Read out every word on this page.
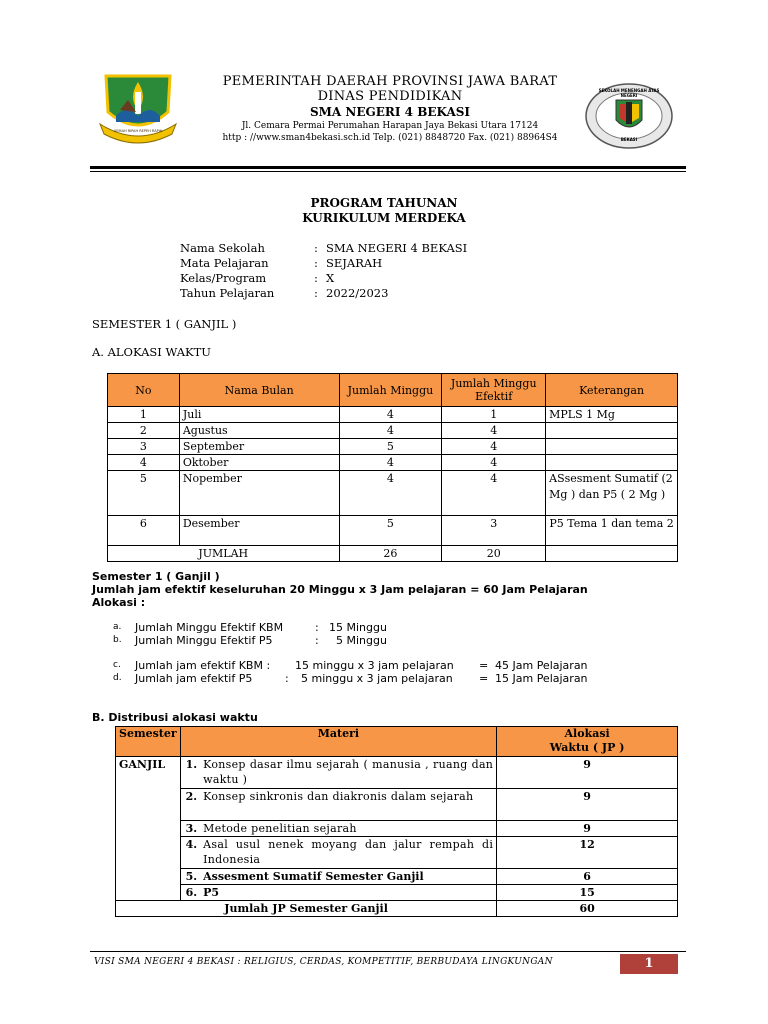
GEMAH RIPAH REPEH RAPIH
SEKOLAH MENENGAH ATAS NEGERI
BEKASI
PEMERINTAH DAERAH PROVINSI JAWA BARAT
DINAS PENDIDIKAN
SMA NEGERI 4 BEKASI
Jl. Cemara Permai Perumahan Harapan Jaya Bekasi Utara 17124
http : //www.sman4bekasi.sch.id Telp. (021) 8848720 Fax. (021) 88964S4
PROGRAM TAHUNAN
KURIKULUM MERDEKA
Nama Sekolah	: SMA NEGERI 4 BEKASI
Mata Pelajaran	: SEJARAH
Kelas/Program	: X
Tahun Pelajaran	: 2022/2023
SEMESTER 1 ( GANJIL )
A. ALOKASI WAKTU
No	Nama Bulan	Jumlah Minggu	Jumlah Minggu Efektif	Keterangan
1	Juli	4	1	MPLS 1 Mg
2	Agustus	4	4	
3	September	5	4	
4	Oktober	4	4	
5	Nopember	4	4	ASsesment Sumatif (2 Mg ) dan P5 ( 2 Mg )
6	Desember	5	3	P5 Tema 1 dan tema 2
JUMLAH		26	20	
Semester 1 ( Ganjil )
Jumlah jam efektif keseluruhan 20 Minggu x 3 Jam pelajaran = 60 Jam Pelajaran
Alokasi :
a.	Jumlah Minggu Efektif KBM	: 15 Minggu
b.	Jumlah Minggu Efektif P5	: 5 Minggu
c.	Jumlah jam efektif KBM :	15 minggu x 3 jam pelajaran	= 45 Jam Pelajaran
d.	Jumlah jam efektif P5	:	5 minggu x 3 jam pelajaran	= 15 Jam Pelajaran
B. Distribusi alokasi waktu
Semester	Materi		Alokasi Waktu ( JP )
GANJIL	1.	Konsep dasar ilmu sejarah ( manusia , ruang dan waktu )	9
	2.	Konsep sinkronis dan diakronis dalam sejarah	9
	3.	Metode penelitian sejarah	9
	4.	Asal usul nenek moyang dan jalur rempah di Indonesia	12
	5.	Assesment Sumatif Semester Ganjil	6
	6.	P5	15
Jumlah JP Semester Ganjil			60
VISI SMA NEGERI 4 BEKASI : RELIGIUS, CERDAS, KOMPETITIF, BERBUDAYA LINGKUNGAN	1
